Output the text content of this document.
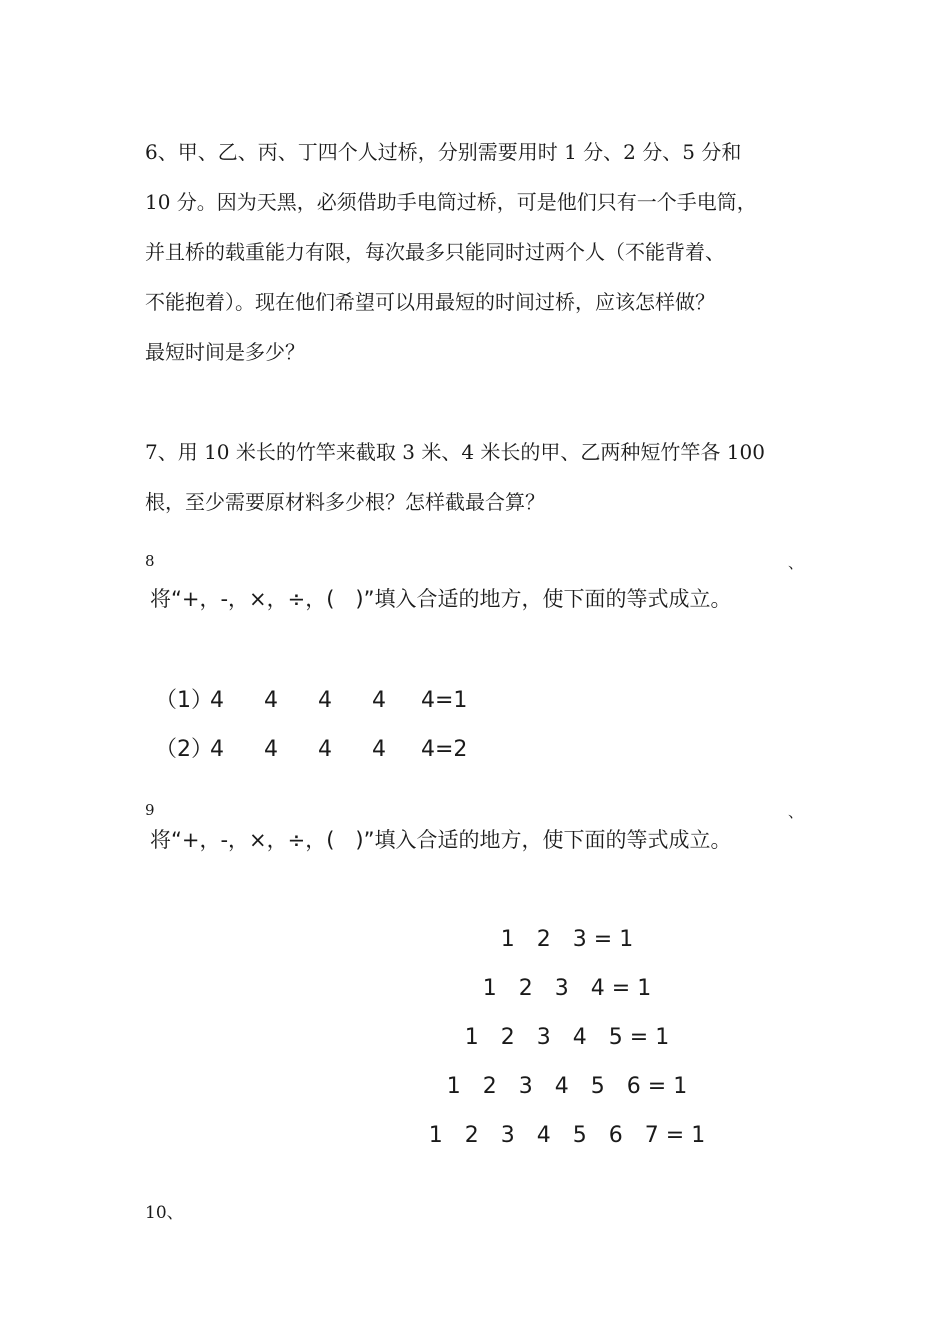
6、甲、乙、丙、丁四个人过桥，分别需要用时 1 分、2 分、5 分和
10 分。因为天黑，必须借助手电筒过桥，可是他们只有一个手电筒，
并且桥的载重能力有限，每次最多只能同时过两个人（不能背着、
不能抱着）。现在他们希望可以用最短的时间过桥，应该怎样做？
最短时间是多少？
7、用 10 米长的竹竿来截取 3 米、4 米长的甲、乙两种短竹竿各 100
根，至少需要原材料多少根？怎样截最合算？
8	、
将“+，-，×，÷，(　)”填入合适的地方，使下面的等式成立。
（1） 4 4 4 4 4=1
（2） 4 4 4 4 4=2
9	、
将“+，-，×，÷，(　)”填入合适的地方，使下面的等式成立。
1　2　3 = 1
1　2　3　4 = 1
1　2　3　4　5 = 1
1　2　3　4　5　6 = 1
1　2　3　4　5　6　7 = 1
10、
